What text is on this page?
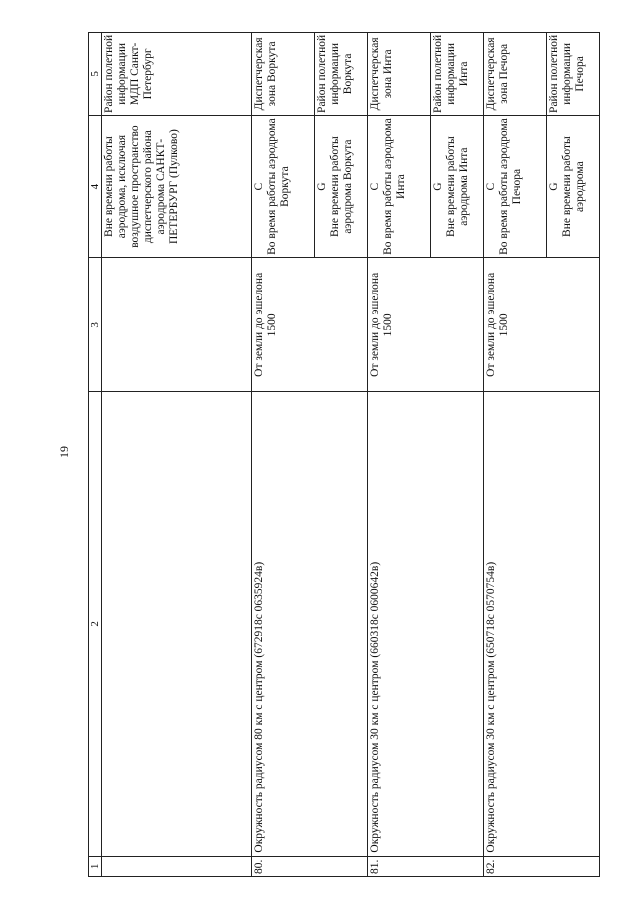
19
1	2	3	4	5
			Вне времени работы аэродрома, исключая воздушное пространство диспетчерского района аэродрома САНКТ-ПЕТЕРБУРГ (Пулково)	Район полетной информации МДП Санкт-Петербург
80.	Окружность радиусом 80 км с центром (672918с 0635924в)	От земли до эшелона 1500	C Во время работы аэродрома Воркута	Диспетчерская зона Воркута

			G Вне времени работы аэродрома Воркута	Район полетной информации Воркута
81.	Окружность радиусом 30 км с центром (660318с 0600642в)	От земли до эшелона 1500	C Во время работы аэродрома Инта	Диспетчерская зона Инта

			G Вне времени работы аэродрома Инта	Район полетной информации Инта
82.	Окружность радиусом 30 км с центром (650718с 0570754в)	От земли до эшелона 1500	C Во время работы аэродрома Печора	Диспетчерская зона Печора

			G Вне времени работы аэродрома	Район полетной информации Печора
